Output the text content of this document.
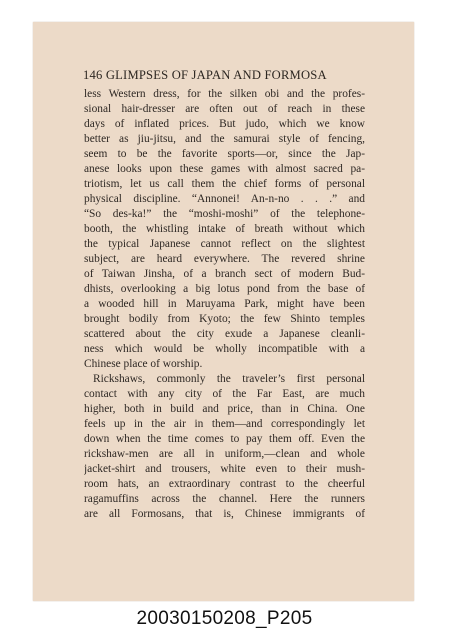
146 GLIMPSES OF JAPAN AND FORMOSA
less Western dress, for the silken obi and the profes-
sional hair-dresser are often out of reach in these
days of inflated prices. But judo, which we know
better as jiu-jitsu, and the samurai style of fencing,
seem to be the favorite sports—or, since the Jap-
anese looks upon these games with almost sacred pa-
triotism, let us call them the chief forms of personal
physical discipline. “Annonei! An-n-no . . .” and
“So des-ka!” the “moshi-moshi” of the telephone-
booth, the whistling intake of breath without which
the typical Japanese cannot reflect on the slightest
subject, are heard everywhere. The revered shrine
of Taiwan Jinsha, of a branch sect of modern Bud-
dhists, overlooking a big lotus pond from the base of
a wooded hill in Maruyama Park, might have been
brought bodily from Kyoto; the few Shinto temples
scattered about the city exude a Japanese cleanli-
ness which would be wholly incompatible with a
Chinese place of worship.
Rickshaws, commonly the traveler’s first personal
contact with any city of the Far East, are much
higher, both in build and price, than in China. One
feels up in the air in them—and correspondingly let
down when the time comes to pay them off. Even the
rickshaw-men are all in uniform,—clean and whole
jacket-shirt and trousers, white even to their mush-
room hats, an extraordinary contrast to the cheerful
ragamuffins across the channel. Here the runners
are all Formosans, that is, Chinese immigrants of
20030150208_P205
